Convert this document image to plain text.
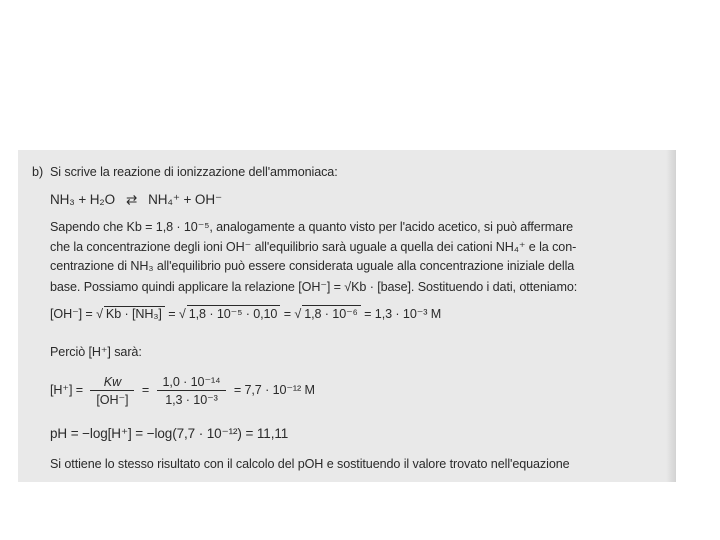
b) Si scrive la reazione di ionizzazione dell'ammoniaca:
NH₃ + H₂O ⇄ NH₄⁺ + OH⁻
Sapendo che Kb = 1,8 · 10⁻⁵, analogamente a quanto visto per l'acido acetico, si può affermare
che la concentrazione degli ioni OH⁻ all'equilibrio sarà uguale a quella dei cationi NH₄⁺ e la con-
centrazione di NH₃ all'equilibrio può essere considerata uguale alla concentrazione iniziale della
base. Possiamo quindi applicare la relazione [OH⁻] = √Kb · [base]. Sostituendo i dati, otteniamo:
[OH⁻] = √ Kb · [NH₃] = √ 1,8 · 10⁻⁵ · 0,10 = √ 1,8 · 10⁻⁶ = 1,3 · 10⁻³ M
Perciò [H⁺] sarà:
$[H^+] = \frac{Kw}{[OH^-]} = \frac{\text{1,0 · 10⁻¹⁴}}{\text{1,3 · 10⁻³}} = 7,7 \cdot 10^{-12}$ M
pH = −log[H⁺] = −log(7,7 · 10⁻¹²) = 11,11
Si ottiene lo stesso risultato con il calcolo del pOH e sostituendo il valore trovato nell'equazione
